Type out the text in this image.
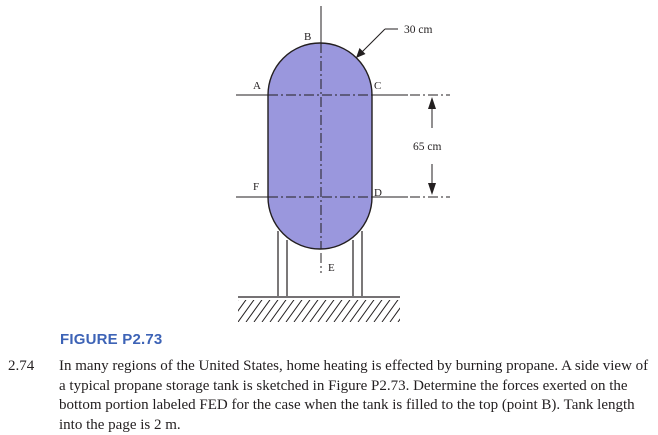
B
A	C
F	D
E
30 cm
65 cm
FIGURE P2.73
2.74 In many regions of the United States, home heating is effected by burning propane. A side view of a typical propane storage tank is sketched in Figure P2.73. Determine the forces exerted on the bottom portion labeled FED for the case when the tank is filled to the top (point B). Tank length into the page is 2 m.
